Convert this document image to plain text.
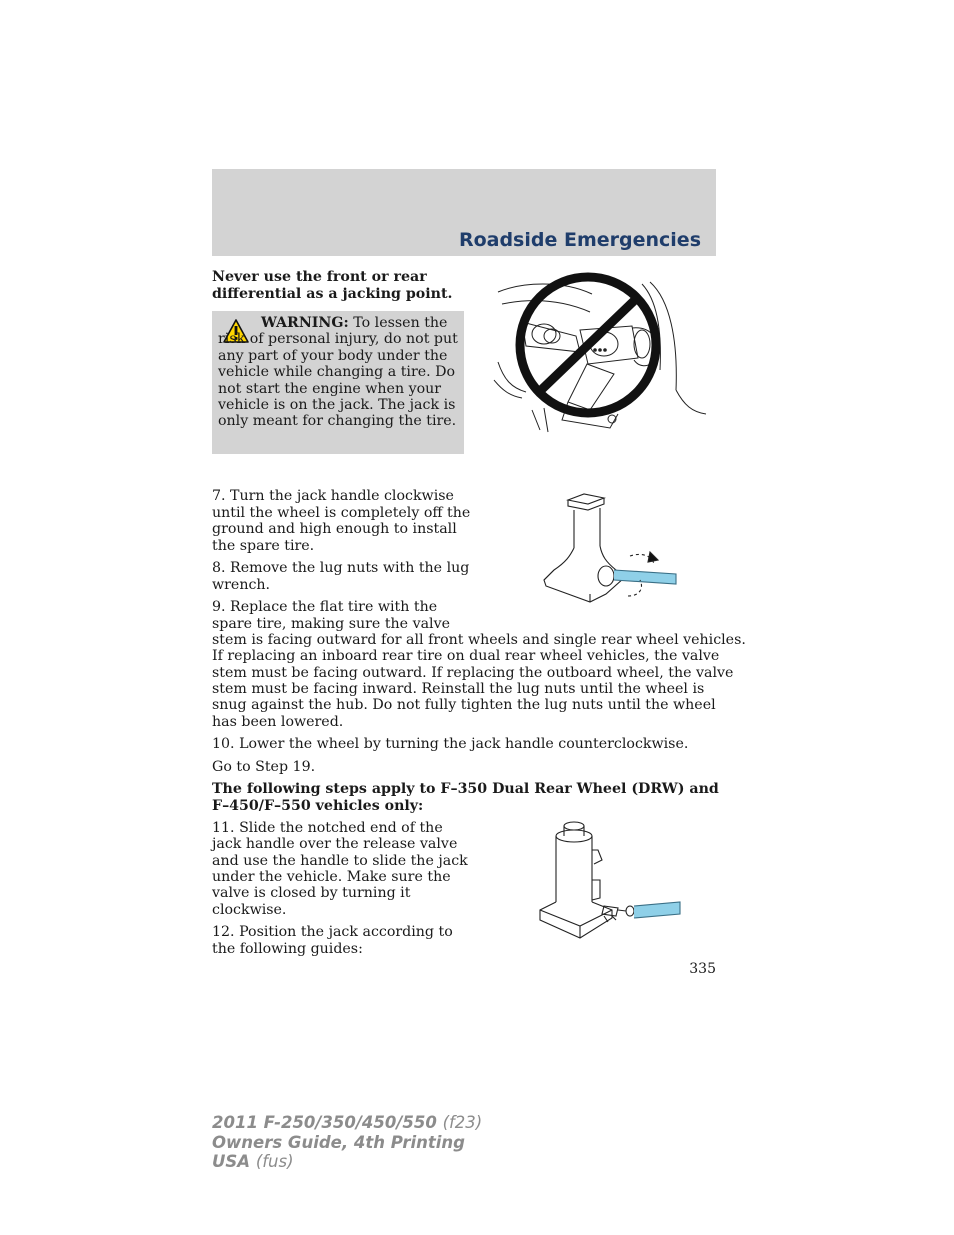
Roadside Emergencies
Never use the front or rear
differential as a jacking point.
WARNING: To lessen the risk of personal injury, do not put any part of your body under the vehicle while changing a tire. Do not start the engine when your vehicle is on the jack. The jack is only meant for changing the tire.
7. Turn the jack handle clockwise
until the wheel is completely off the
ground and high enough to install
the spare tire.
8. Remove the lug nuts with the lug
wrench.
9. Replace the flat tire with the
spare tire, making sure the valve
stem is facing outward for all front wheels and single rear wheel vehicles.
If replacing an inboard rear tire on dual rear wheel vehicles, the valve
stem must be facing outward. If replacing the outboard wheel, the valve
stem must be facing inward. Reinstall the lug nuts until the wheel is
snug against the hub. Do not fully tighten the lug nuts until the wheel
has been lowered.
10. Lower the wheel by turning the jack handle counterclockwise.
Go to Step 19.
The following steps apply to F–350 Dual Rear Wheel (DRW) and
F–450/F–550 vehicles only:
11. Slide the notched end of the
jack handle over the release valve
and use the handle to slide the jack
under the vehicle. Make sure the
valve is closed by turning it
clockwise.
12. Position the jack according to
the following guides:
335
2011 F-250/350/450/550 (f23)
Owners Guide, 4th Printing
USA (fus)
